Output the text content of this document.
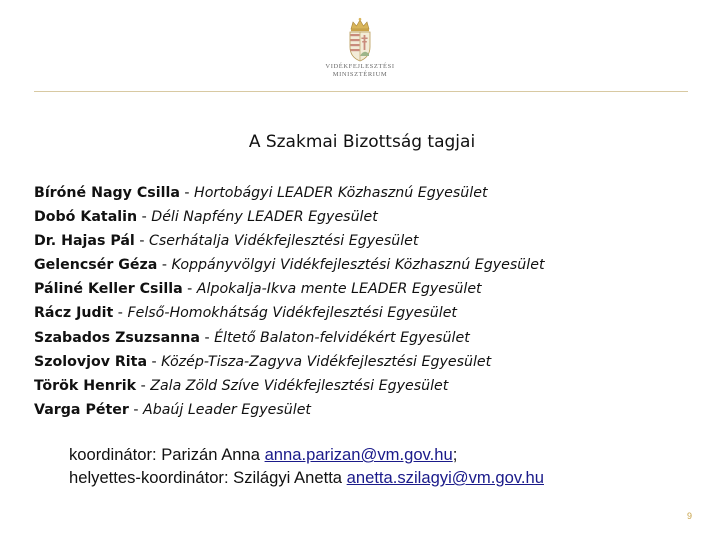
VIDÉKFEJLESZTÉSI
MINISZTÉRIUM
A Szakmai Bizottság tagjai
Bíróné Nagy Csilla - Hortobágyi LEADER Közhasznú Egyesület
Dobó Katalin - Déli Napfény LEADER Egyesület
Dr. Hajas Pál - Cserhátalja Vidékfejlesztési Egyesület
Gelencsér Géza - Koppányvölgyi Vidékfejlesztési Közhasznú Egyesület
Páliné Keller Csilla - Alpokalja-Ikva mente LEADER Egyesület
Rácz Judit - Felső-Homokhátság Vidékfejlesztési Egyesület
Szabados Zsuzsanna - Éltető Balaton-felvidékért Egyesület
Szolovjov Rita - Közép-Tisza-Zagyva Vidékfejlesztési Egyesület
Török Henrik - Zala Zöld Szíve Vidékfejlesztési Egyesület
Varga Péter - Abaúj Leader Egyesület
koordinátor: Parizán Anna anna.parizan@vm.gov.hu;
helyettes-koordinátor: Szilágyi Anetta anetta.szilagyi@vm.gov.hu
9
